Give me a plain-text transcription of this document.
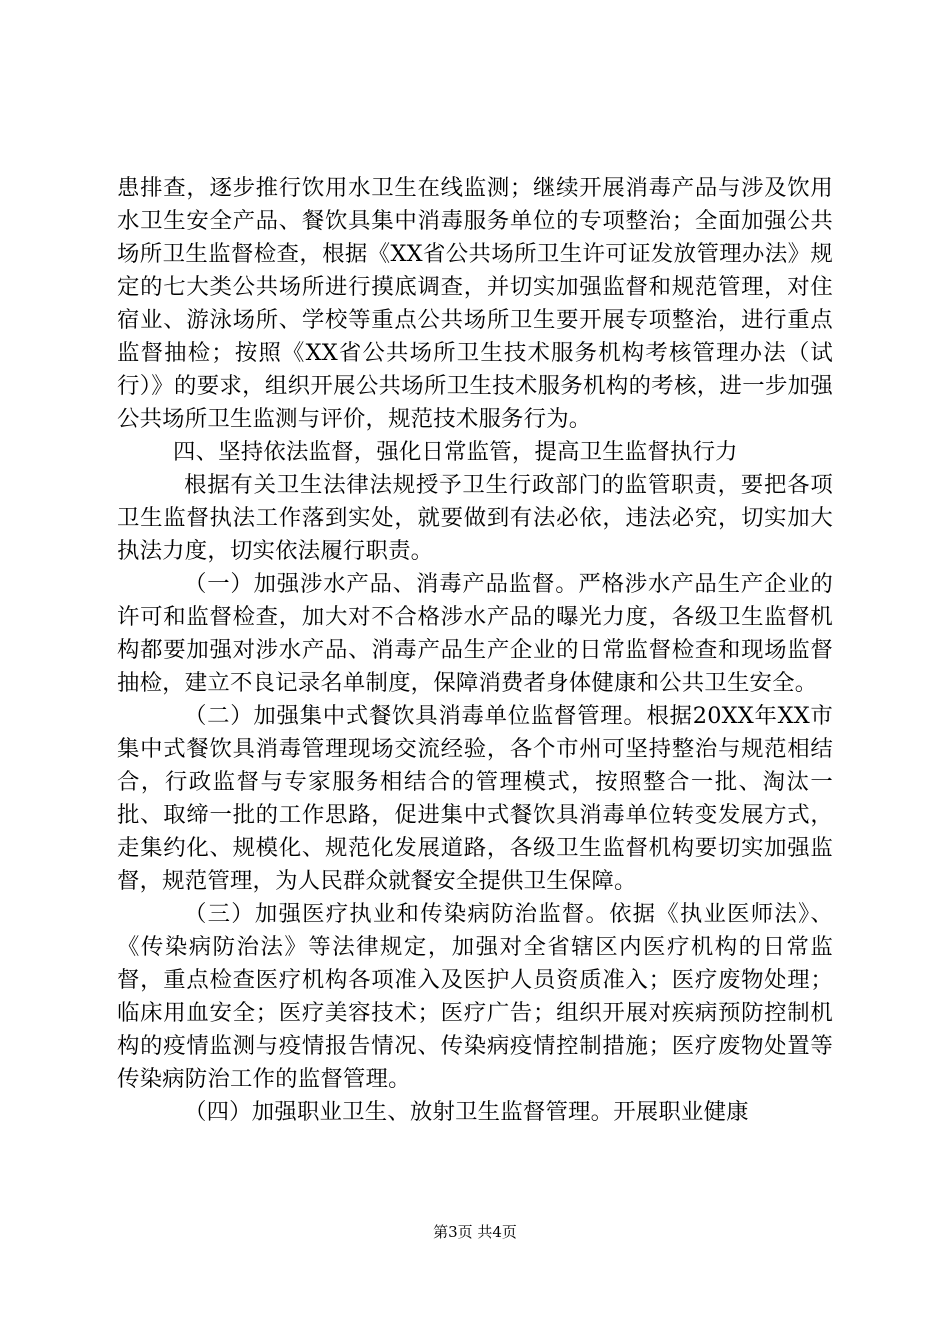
患排查，逐步推行饮用水卫生在线监测；继续开展消毒产品与涉及饮用水卫生安全产品、餐饮具集中消毒服务单位的专项整治；全面加强公共场所卫生监督检查，根据《XX省公共场所卫生许可证发放管理办法》规定的七大类公共场所进行摸底调查，并切实加强监督和规范管理，对住宿业、游泳场所、学校等重点公共场所卫生要开展专项整治，进行重点监督抽检；按照《XX省公共场所卫生技术服务机构考核管理办法（试行）》的要求，组织开展公共场所卫生技术服务机构的考核，进一步加强公共场所卫生监测与评价，规范技术服务行为。

四、坚持依法监督，强化日常监管，提高卫生监督执行力

根据有关卫生法律法规授予卫生行政部门的监管职责，要把各项卫生监督执法工作落到实处，就要做到有法必依，违法必究，切实加大执法力度，切实依法履行职责。

（一）加强涉水产品、消毒产品监督。严格涉水产品生产企业的许可和监督检查，加大对不合格涉水产品的曝光力度，各级卫生监督机构都要加强对涉水产品、消毒产品生产企业的日常监督检查和现场监督抽检，建立不良记录名单制度，保障消费者身体健康和公共卫生安全。

（二）加强集中式餐饮具消毒单位监督管理。根据20XX年XX市集中式餐饮具消毒管理现场交流经验，各个市州可坚持整治与规范相结合，行政监督与专家服务相结合的管理模式，按照整合一批、淘汰一批、取缔一批的工作思路，促进集中式餐饮具消毒单位转变发展方式，走集约化、规模化、规范化发展道路，各级卫生监督机构要切实加强监督，规范管理，为人民群众就餐安全提供卫生保障。

（三）加强医疗执业和传染病防治监督。依据《执业医师法》、《传染病防治法》等法律规定，加强对全省辖区内医疗机构的日常监督，重点检查医疗机构各项准入及医护人员资质准入；医疗废物处理；临床用血安全；医疗美容技术；医疗广告；组织开展对疾病预防控制机构的疫情监测与疫情报告情况、传染病疫情控制措施；医疗废物处置等传染病防治工作的监督管理。

（四）加强职业卫生、放射卫生监督管理。开展职业健康

第3页 共4页
